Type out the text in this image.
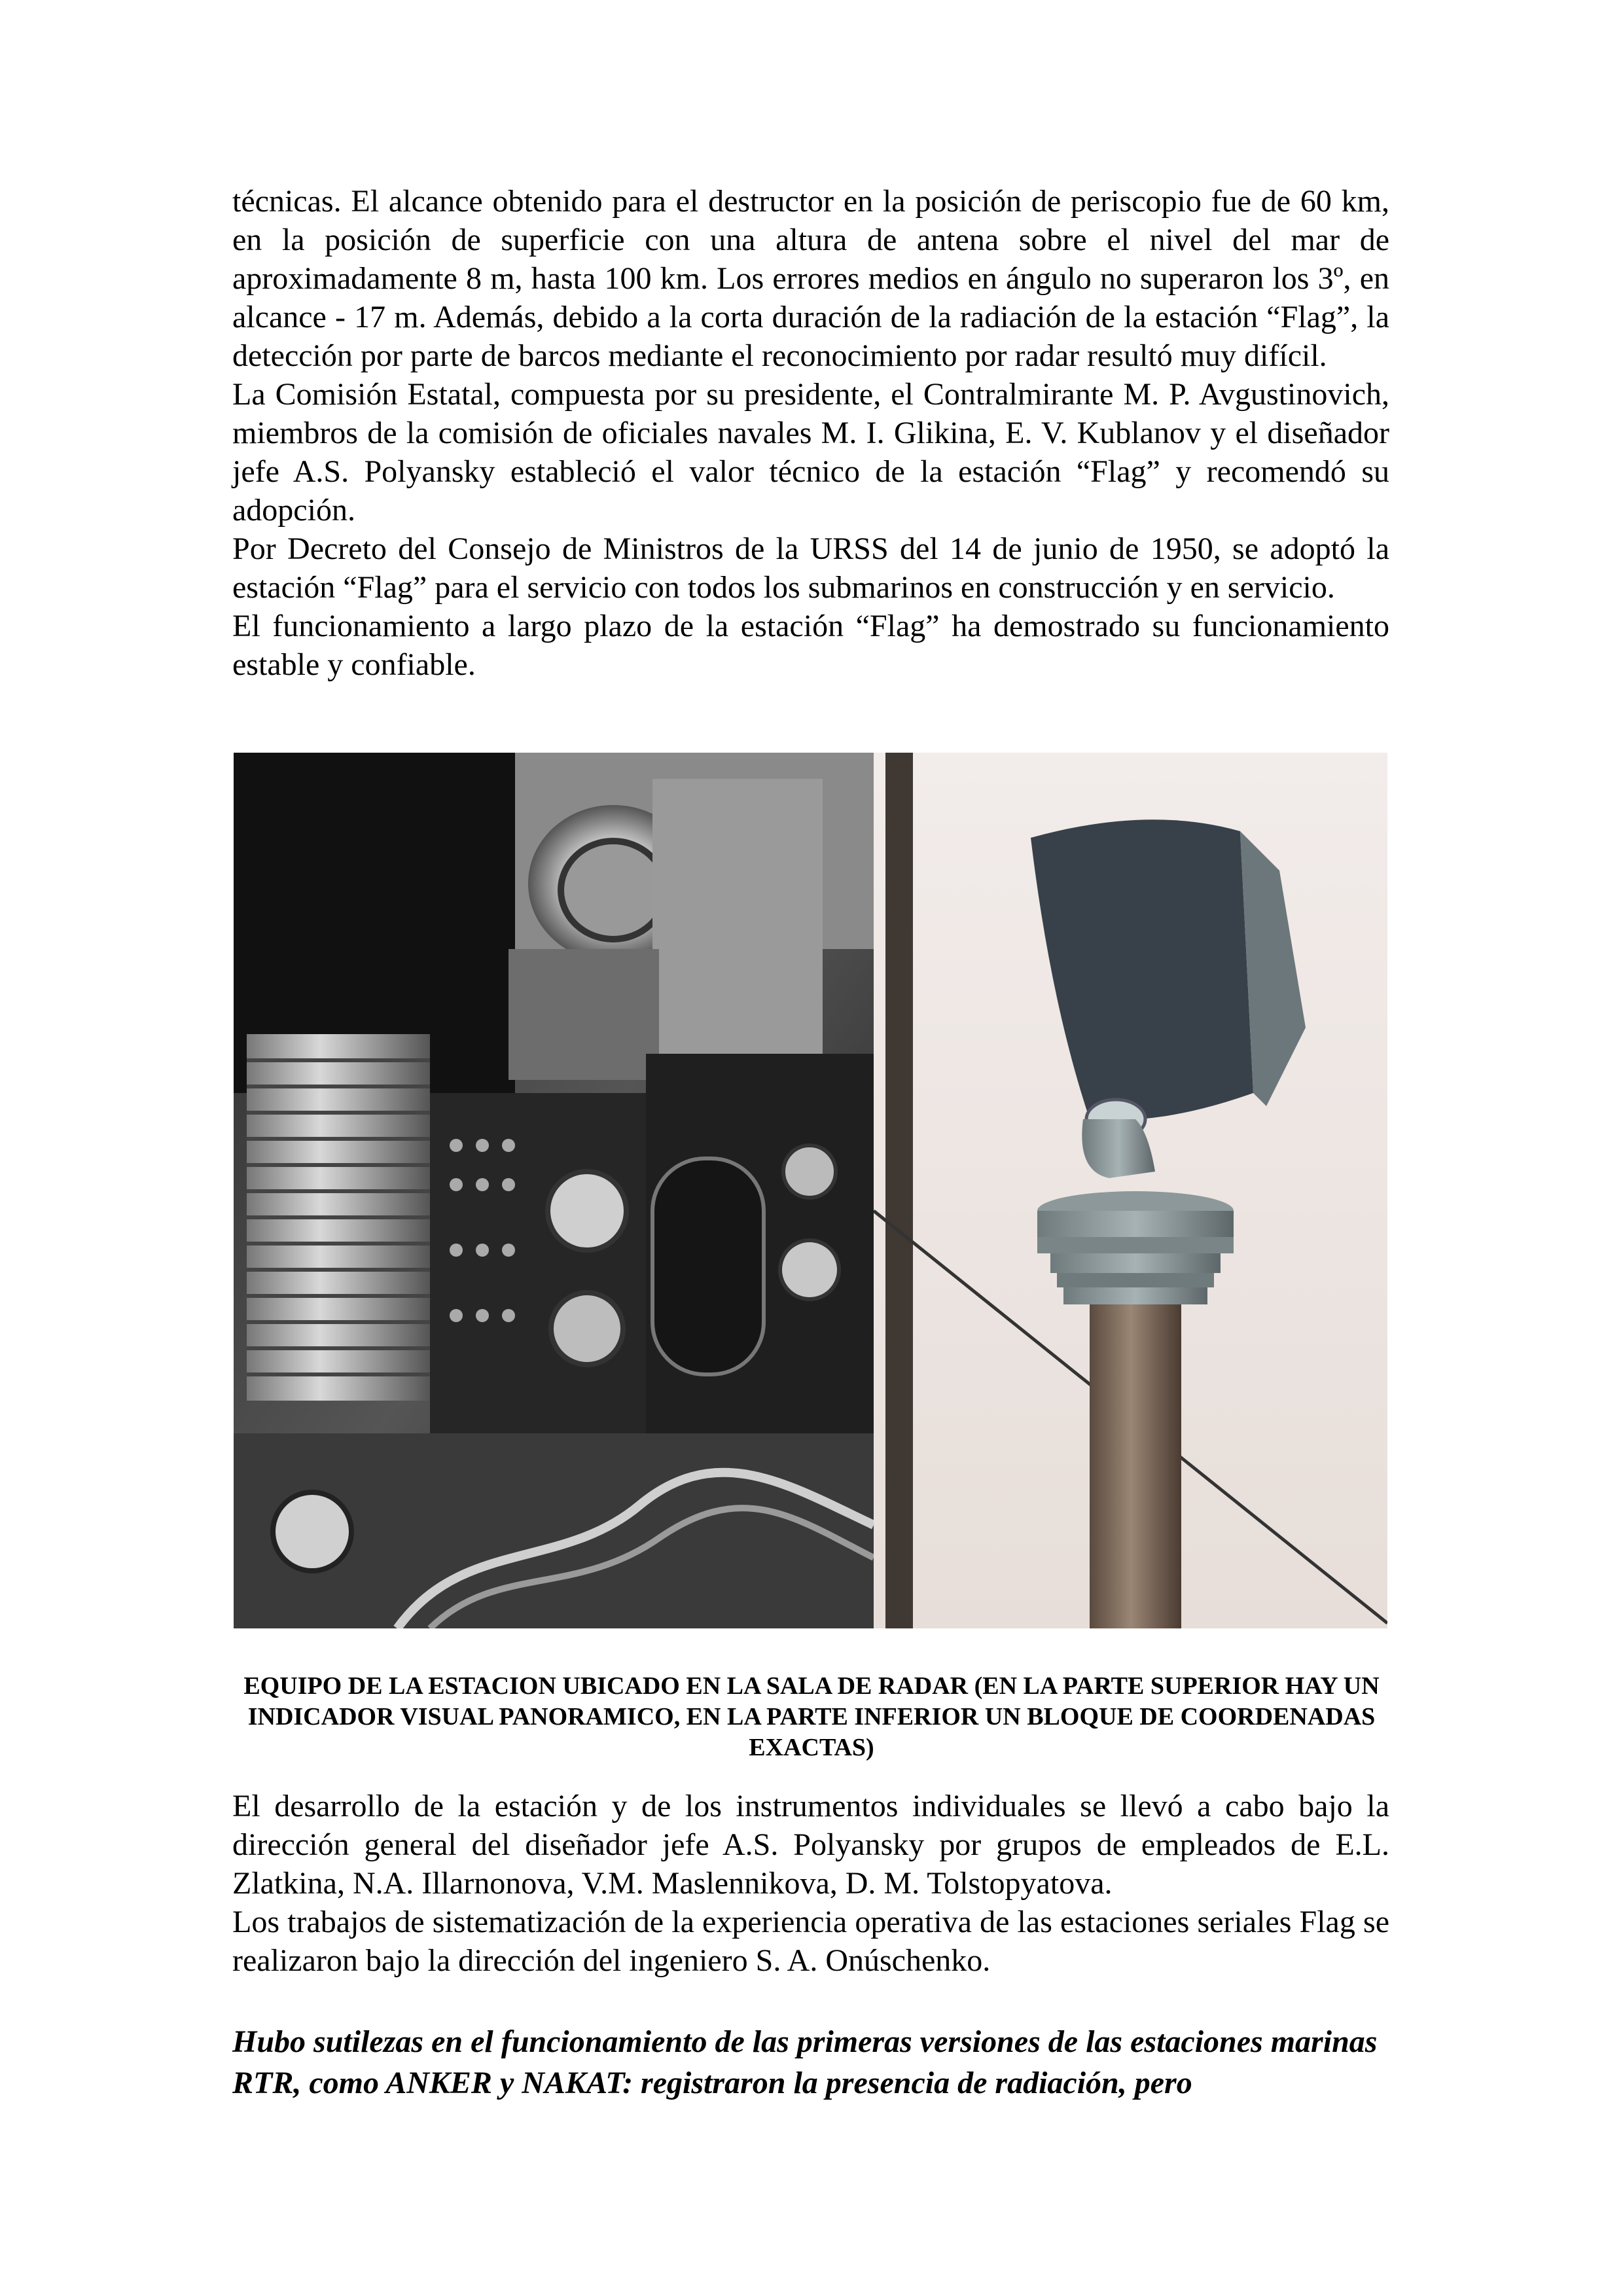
técnicas. El alcance obtenido para el destructor en la posición de periscopio fue de 60 km, en la posición de superficie con una altura de antena sobre el nivel del mar de aproximadamente 8 m, hasta 100 km. Los errores medios en ángulo no superaron los 3º, en alcance - 17 m. Además, debido a la corta duración de la radiación de la estación “Flag”, la detección por parte de barcos mediante el reconocimiento por radar resultó muy difícil.

La Comisión Estatal, compuesta por su presidente, el Contralmirante M. P. Avgustinovich, miembros de la comisión de oficiales navales M. I. Glikina, E. V. Kublanov y el diseñador jefe A.S. Polyansky estableció el valor técnico de la estación “Flag” y recomendó su adopción.

Por Decreto del Consejo de Ministros de la URSS del 14 de junio de 1950, se adoptó la estación “Flag” para el servicio con todos los submarinos en construcción y en servicio.

El funcionamiento a largo plazo de la estación “Flag” ha demostrado su funcionamiento estable y confiable.

EQUIPO DE LA ESTACION UBICADO EN LA SALA DE RADAR (EN LA PARTE SUPERIOR HAY UN INDICADOR VISUAL PANORAMICO, EN LA PARTE INFERIOR UN BLOQUE DE COORDENADAS EXACTAS)

El desarrollo de la estación y de los instrumentos individuales se llevó a cabo bajo la dirección general del diseñador jefe A.S. Polyansky por grupos de empleados de E.L. Zlatkina, N.A. Illarnonova, V.M. Maslennikova, D. M. Tolstopyatova.

Los trabajos de sistematización de la experiencia operativa de las estaciones seriales Flag se realizaron bajo la dirección del ingeniero S. A. Onúschenko.

Hubo sutilezas en el funcionamiento de las primeras versiones de las estaciones marinas RTR, como ANKER y NAKAT: registraron la presencia de radiación, pero
